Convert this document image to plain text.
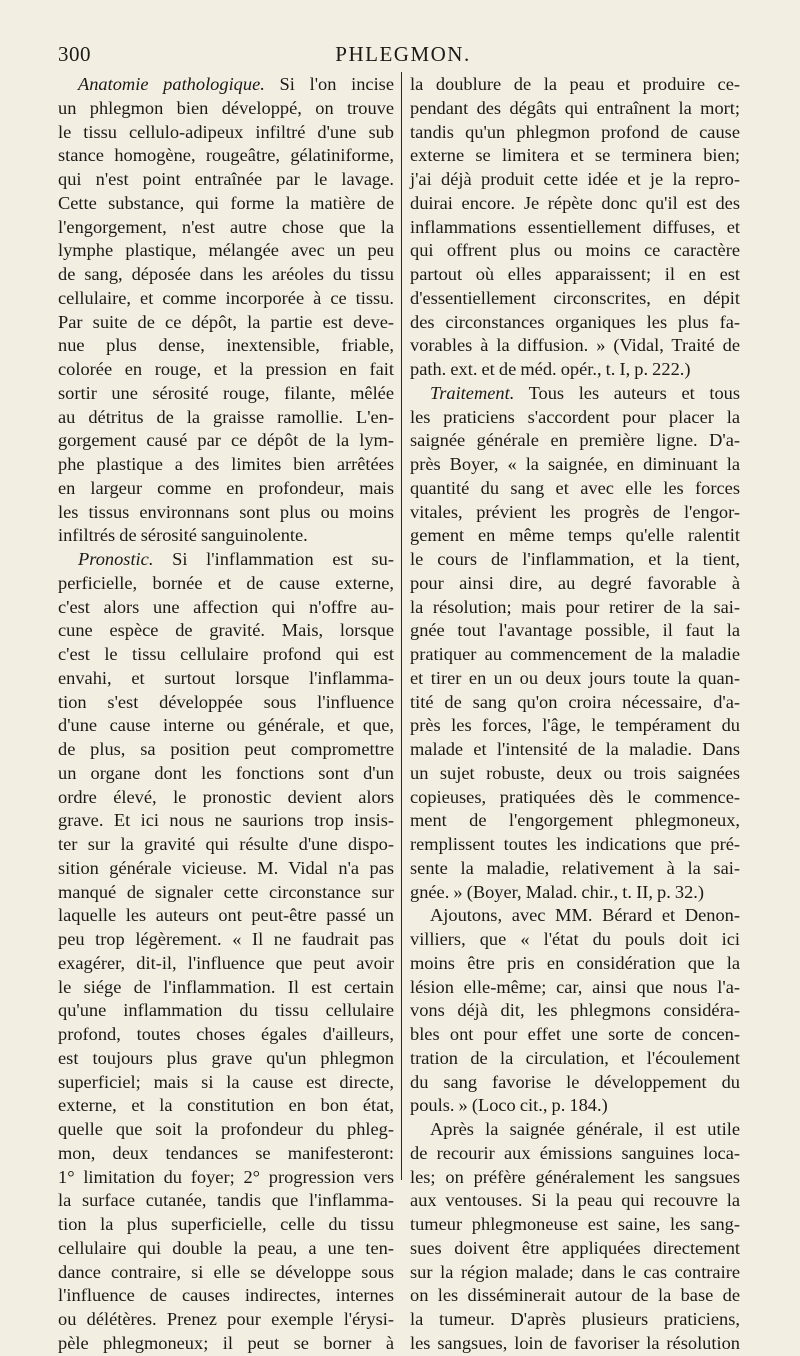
300	PHLEGMON.
Anatomie pathologique. Si l'on incise
un phlegmon bien développé, on trouve
le tissu cellulo-adipeux infiltré d'une sub
stance homogène, rougeâtre, gélatiniforme,
qui n'est point entraînée par le lavage.
Cette substance, qui forme la matière de
l'engorgement, n'est autre chose que la
lymphe plastique, mélangée avec un peu
de sang, déposée dans les aréoles du tissu
cellulaire, et comme incorporée à ce tissu.
Par suite de ce dépôt, la partie est deve-
nue plus dense, inextensible, friable,
colorée en rouge, et la pression en fait
sortir une sérosité rouge, filante, mêlée
au détritus de la graisse ramollie. L'en-
gorgement causé par ce dépôt de la lym-
phe plastique a des limites bien arrêtées
en largeur comme en profondeur, mais
les tissus environnans sont plus ou moins
infiltrés de sérosité sanguinolente.
Pronostic. Si l'inflammation est su-
perficielle, bornée et de cause externe,
c'est alors une affection qui n'offre au-
cune espèce de gravité. Mais, lorsque
c'est le tissu cellulaire profond qui est
envahi, et surtout lorsque l'inflamma-
tion s'est développée sous l'influence
d'une cause interne ou générale, et que,
de plus, sa position peut compromettre
un organe dont les fonctions sont d'un
ordre élevé, le pronostic devient alors
grave. Et ici nous ne saurions trop insis-
ter sur la gravité qui résulte d'une dispo-
sition générale vicieuse. M. Vidal n'a pas
manqué de signaler cette circonstance sur
laquelle les auteurs ont peut-être passé un
peu trop légèrement. « Il ne faudrait pas
exagérer, dit-il, l'influence que peut avoir
le siége de l'inflammation. Il est certain
qu'une inflammation du tissu cellulaire
profond, toutes choses égales d'ailleurs,
est toujours plus grave qu'un phlegmon
superficiel; mais si la cause est directe,
externe, et la constitution en bon état,
quelle que soit la profondeur du phleg-
mon, deux tendances se manifesteront:
1° limitation du foyer; 2° progression vers
la surface cutanée, tandis que l'inflamma-
tion la plus superficielle, celle du tissu
cellulaire qui double la peau, a une ten-
dance contraire, si elle se développe sous
l'influence de causes indirectes, internes
ou délétères. Prenez pour exemple l'érysi-
pèle phlegmoneux; il peut se borner à
la doublure de la peau et produire ce-
pendant des dégâts qui entraînent la mort;
tandis qu'un phlegmon profond de cause
externe se limitera et se terminera bien;
j'ai déjà produit cette idée et je la repro-
duirai encore. Je répète donc qu'il est des
inflammations essentiellement diffuses, et
qui offrent plus ou moins ce caractère
partout où elles apparaissent; il en est
d'essentiellement circonscrites, en dépit
des circonstances organiques les plus fa-
vorables à la diffusion. » (Vidal, Traité de
path. ext. et de méd. opér., t. I, p. 222.)
Traitement. Tous les auteurs et tous
les praticiens s'accordent pour placer la
saignée générale en première ligne. D'a-
près Boyer, « la saignée, en diminuant la
quantité du sang et avec elle les forces
vitales, prévient les progrès de l'engor-
gement en même temps qu'elle ralentit
le cours de l'inflammation, et la tient,
pour ainsi dire, au degré favorable à
la résolution; mais pour retirer de la sai-
gnée tout l'avantage possible, il faut la
pratiquer au commencement de la maladie
et tirer en un ou deux jours toute la quan-
tité de sang qu'on croira nécessaire, d'a-
près les forces, l'âge, le tempérament du
malade et l'intensité de la maladie. Dans
un sujet robuste, deux ou trois saignées
copieuses, pratiquées dès le commence-
ment de l'engorgement phlegmoneux,
remplissent toutes les indications que pré-
sente la maladie, relativement à la sai-
gnée. » (Boyer, Malad. chir., t. II, p. 32.)
Ajoutons, avec MM. Bérard et Denon-
villiers, que « l'état du pouls doit ici
moins être pris en considération que la
lésion elle-même; car, ainsi que nous l'a-
vons déjà dit, les phlegmons considéra-
bles ont pour effet une sorte de concen-
tration de la circulation, et l'écoulement
du sang favorise le développement du
pouls. » (Loco cit., p. 184.)
Après la saignée générale, il est utile
de recourir aux émissions sanguines loca-
les; on préfère généralement les sangsues
aux ventouses. Si la peau qui recouvre la
tumeur phlegmoneuse est saine, les sang-
sues doivent être appliquées directement
sur la région malade; dans le cas contraire
on les disséminerait autour de la base de
la tumeur. D'après plusieurs praticiens,
les sangsues, loin de favoriser la résolution
